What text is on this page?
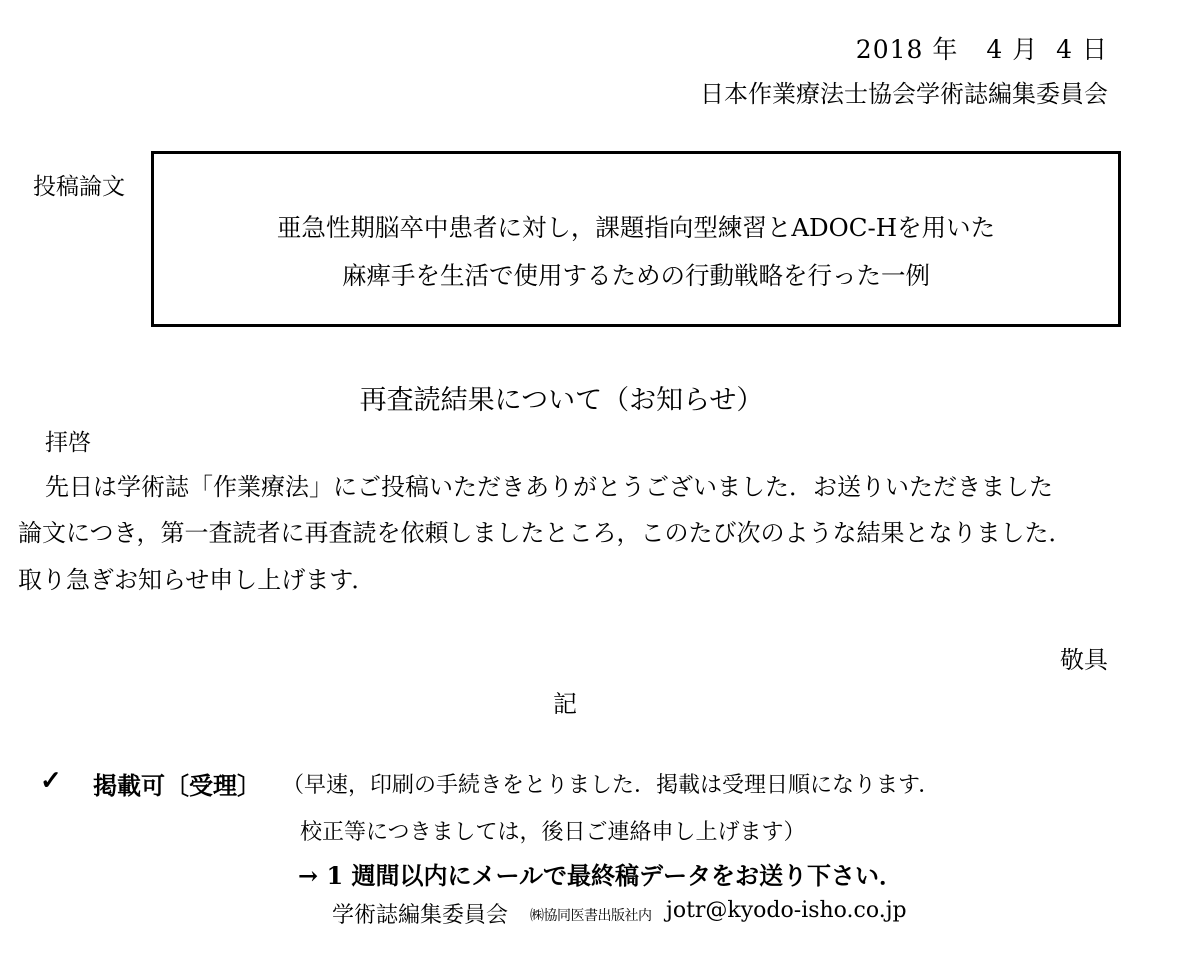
2018 年 4 月 4 日
日本作業療法士協会学術誌編集委員会
投稿論文
亜急性期脳卒中患者に対し，課題指向型練習とADOC-Hを用いた
麻痺手を生活で使用するための行動戦略を行った一例
再査読結果について（お知らせ）
拝啓
先日は学術誌「作業療法」にご投稿いただきありがとうございました．お送りいただきました
論文につき，第一査読者に再査読を依頼しましたところ，このたび次のような結果となりました．
取り急ぎお知らせ申し上げます．
敬具
記
✓ 掲載可〔受理〕 （早速，印刷の手続きをとりました．掲載は受理日順になります．
校正等につきましては，後日ご連絡申し上げます）
→ 1 週間以内にメールで最終稿データをお送り下さい．
学術誌編集委員会 ㈱協同医書出版社内 jotr@kyodo-isho.co.jp
